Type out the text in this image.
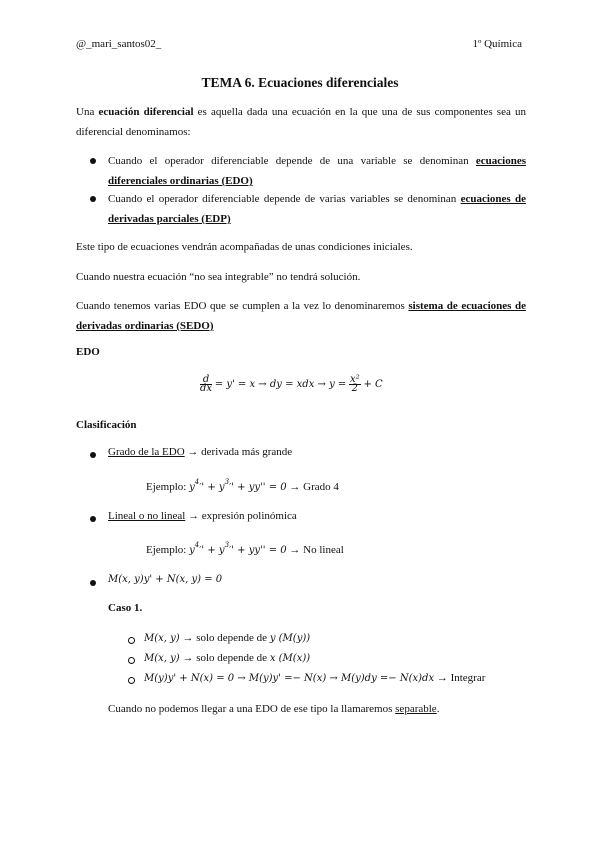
@_mari_santos02_	1º Química
TEMA 6. Ecuaciones diferenciales
Una ecuación diferencial es aquella dada una ecuación en la que una de sus componentes sea un diferencial denominamos:
Cuando el operador diferenciable depende de una variable se denominan ecuaciones diferenciales ordinarias (EDO)
Cuando el operador diferenciable depende de varias variables se denominan ecuaciones de derivadas parciales (EDP)
Este tipo de ecuaciones vendrán acompañadas de unas condiciones iniciales.
Cuando nuestra ecuación “no sea integrable” no tendrá solución.
Cuando tenemos varias EDO que se cumplen a la vez lo denominaremos sistema de ecuaciones de derivadas ordinarias (SEDO)
EDO
$\frac{d}{dx} = y' = x$ → dy = xdx → $y = \frac{\text{x²}}{2} + C$
Clasificación
Grado de la EDO → derivada más grande
Ejemplo: $y^{4,}' + y^{3,}' + yy'' = 0$ → Grado 4
Lineal o no lineal → expresión polinómica
Ejemplo: $y^{4,}' + y^{3,}' + yy'' = 0 \to No$ lineal
M(x, y)y' + N(x, y) = 0
Caso 1.
M(x, y) → solo depende de y (M(y))
M(x, y) → solo depende de x (M(x))
M(y)y' + N(x) = 0 → M(y)y' =− N(x) → M(y)dy =− N(x)dx → Integrar
Cuando no podemos llegar a una EDO de ese tipo la llamaremos separable.
